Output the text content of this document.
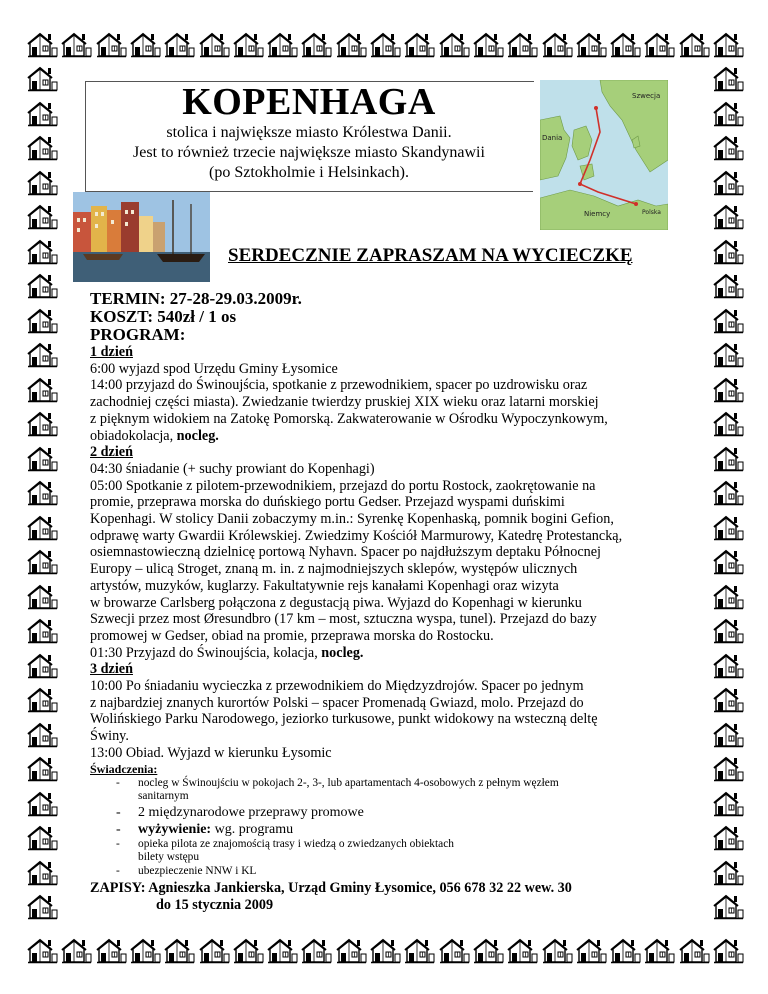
KOPENHAGA
stolica i największe miasto Królestwa Danii.
Jest to również trzecie największe miasto Skandynawii
(po Sztokholmie i Helsinkach).
Szwecja
Dania
Niemcy	Polska
SERDECZNIE ZAPRASZAM NA WYCIECZKĘ
TERMIN: 27-28-29.03.2009r.
KOSZT: 540zł / 1 os
PROGRAM:
1 dzień
6:00 wyjazd spod Urzędu Gminy Łysomice
14:00 przyjazd do Świnoujścia, spotkanie z przewodnikiem, spacer po uzdrowisku oraz
zachodniej części miasta). Zwiedzanie twierdzy pruskiej XIX wieku oraz latarni morskiej
z pięknym widokiem na Zatokę Pomorską. Zakwaterowanie w Ośrodku Wypoczynkowym,
obiadokolacja, nocleg.
2 dzień
04:30 śniadanie (+ suchy prowiant do Kopenhagi)
05:00 Spotkanie z pilotem-przewodnikiem, przejazd do portu Rostock, zaokrętowanie na
promie, przeprawa morska do duńskiego portu Gedser. Przejazd wyspami duńskimi
Kopenhagi. W stolicy Danii zobaczymy m.in.: Syrenkę Kopenhaską, pomnik bogini Gefion,
odprawę warty Gwardii Królewskiej. Zwiedzimy Kościół Marmurowy, Katedrę Protestancką,
osiemnastowieczną dzielnicę portową Nyhavn. Spacer po najdłuższym deptaku Północnej
Europy – ulicą Stroget, znaną m. in. z najmodniejszych sklepów, występów ulicznych
artystów, muzyków, kuglarzy. Fakultatywnie rejs kanałami Kopenhagi oraz wizyta
w browarze Carlsberg połączona z degustacją piwa. Wyjazd do Kopenhagi w kierunku
Szwecji przez most Øresundbro (17 km – most, sztuczna wyspa, tunel). Przejazd do bazy
promowej w Gedser, obiad na promie, przeprawa morska do Rostocku.
01:30 Przyjazd do Świnoujścia, kolacja, nocleg.
3 dzień
10:00 Po śniadaniu wycieczka z przewodnikiem do Międzyzdrojów. Spacer po jednym
z najbardziej znanych kurortów Polski – spacer Promenadą Gwiazd, molo. Przejazd do
Wolińskiego Parku Narodowego, jeziorko turkusowe, punkt widokowy na wsteczną deltę
Świny.
13:00 Obiad. Wyjazd w kierunku Łysomic
Świadczenia:
- nocleg w Świnoujściu w pokojach 2-, 3-, lub apartamentach 4-osobowych z pełnym węzłem
sanitarnym
- 2 międzynarodowe przeprawy promowe
- wyżywienie: wg. programu
- opieka pilota ze znajomością trasy i wiedzą o zwiedzanych obiektach
bilety wstępu
- ubezpieczenie NNW i KL
ZAPISY: Agnieszka Jankierska, Urząd Gminy Łysomice, 056 678 32 22 wew. 30
do 15 stycznia 2009
